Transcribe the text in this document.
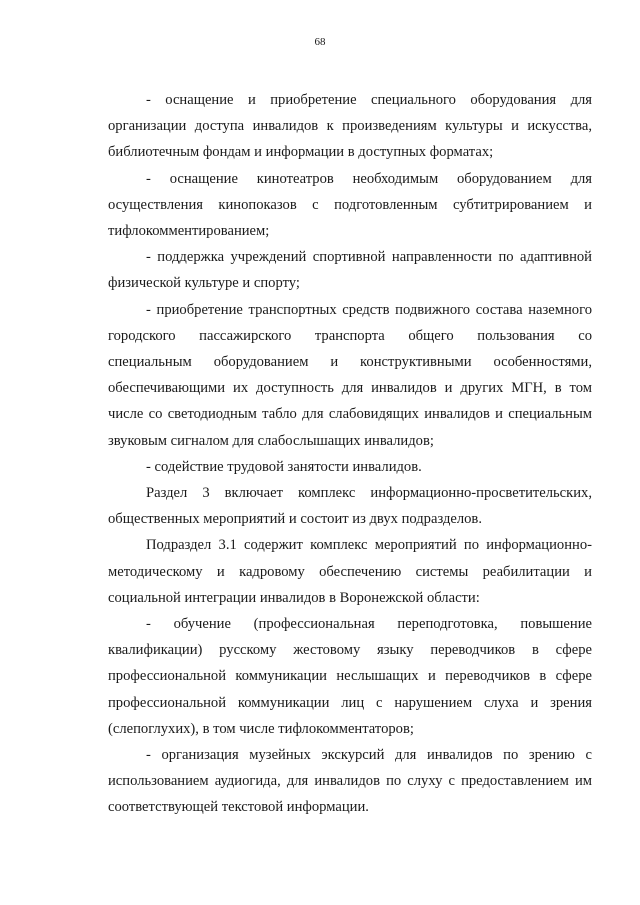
68

- оснащение и приобретение специального оборудования для
организации доступа инвалидов к произведениям культуры и искусства,
библиотечным фондам и информации в доступных форматах;

- оснащение кинотеатров необходимым оборудованием для
осуществления кинопоказов с подготовленным субтитрированием и
тифлокомментированием;

- поддержка учреждений спортивной направленности по адаптивной
физической культуре и спорту;

- приобретение транспортных средств подвижного состава наземного
городского пассажирского транспорта общего пользования со
специальным оборудованием и конструктивными особенностями,
обеспечивающими их доступность для инвалидов и других МГН, в том
числе со светодиодным табло для слабовидящих инвалидов и специальным
звуковым сигналом для слабослышащих инвалидов;

- содействие трудовой занятости инвалидов.

Раздел 3 включает комплекс информационно-просветительских,
общественных мероприятий и состоит из двух подразделов.

Подраздел 3.1 содержит комплекс мероприятий по информационно-
методическому и кадровому обеспечению системы реабилитации и
социальной интеграции инвалидов в Воронежской области:

- обучение (профессиональная переподготовка, повышение
квалификации) русскому жестовому языку переводчиков в сфере
профессиональной коммуникации неслышащих и переводчиков в сфере
профессиональной коммуникации лиц с нарушением слуха и зрения
(слепоглухих), в том числе тифлокомментаторов;

- организация музейных экскурсий для инвалидов по зрению с
использованием аудиогида, для инвалидов по слуху с предоставлением им
соответствующей текстовой информации.
